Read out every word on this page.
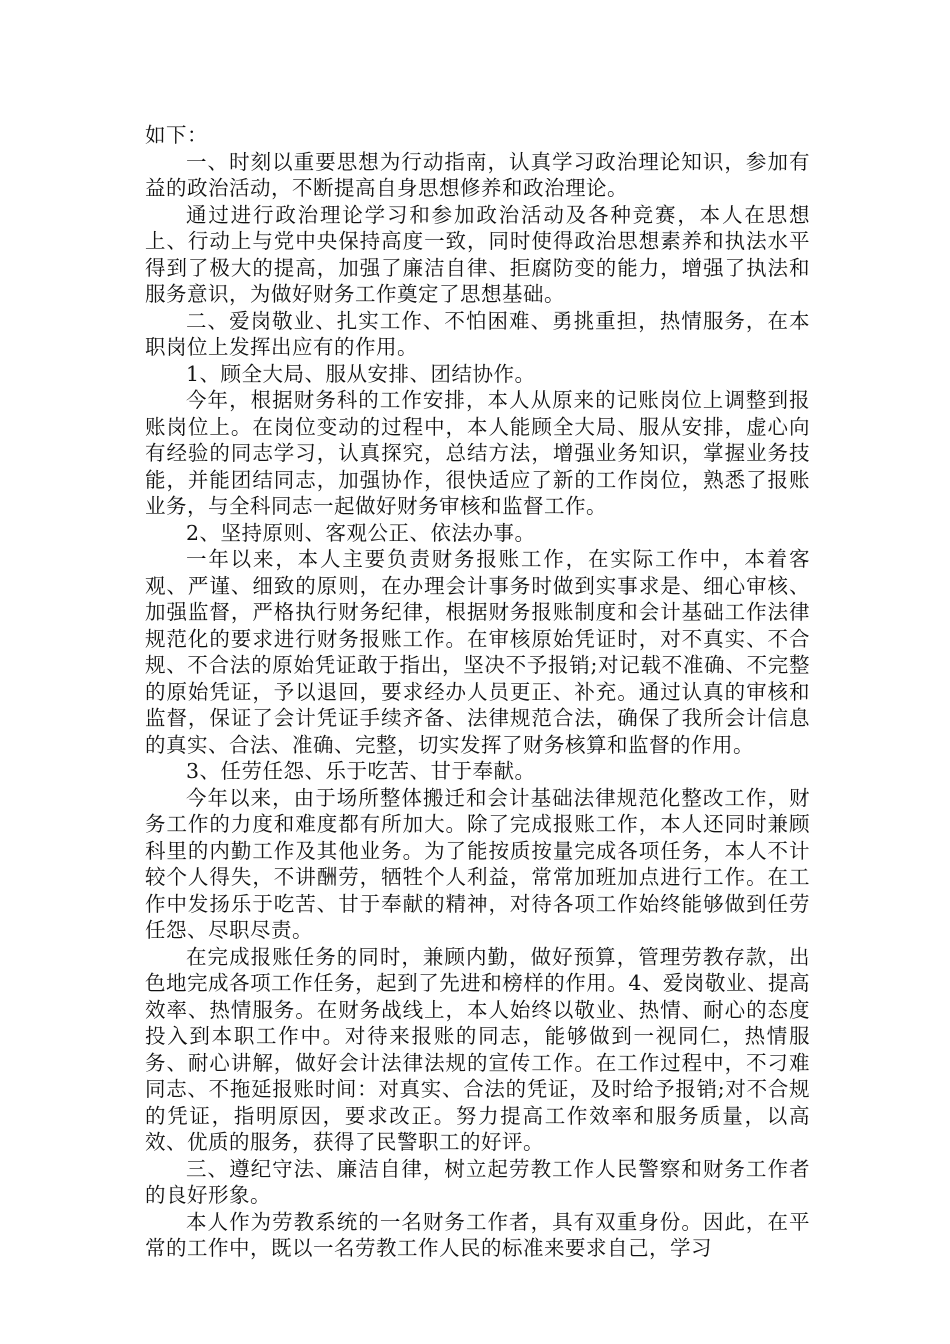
如下：

一、时刻以重要思想为行动指南，认真学习政治理论知识，参加有益的政治活动，不断提高自身思想修养和政治理论。

通过进行政治理论学习和参加政治活动及各种竞赛，本人在思想上、行动上与党中央保持高度一致，同时使得政治思想素养和执法水平得到了极大的提高，加强了廉洁自律、拒腐防变的能力，增强了执法和服务意识，为做好财务工作奠定了思想基础。

二、爱岗敬业、扎实工作、不怕困难、勇挑重担，热情服务，在本职岗位上发挥出应有的作用。

1、顾全大局、服从安排、团结协作。

今年，根据财务科的工作安排，本人从原来的记账岗位上调整到报账岗位上。在岗位变动的过程中，本人能顾全大局、服从安排，虚心向有经验的同志学习，认真探究，总结方法，增强业务知识，掌握业务技能，并能团结同志，加强协作，很快适应了新的工作岗位，熟悉了报账业务，与全科同志一起做好财务审核和监督工作。

2、坚持原则、客观公正、依法办事。

一年以来，本人主要负责财务报账工作，在实际工作中，本着客观、严谨、细致的原则，在办理会计事务时做到实事求是、细心审核、加强监督，严格执行财务纪律，根据财务报账制度和会计基础工作法律规范化的要求进行财务报账工作。在审核原始凭证时，对不真实、不合规、不合法的原始凭证敢于指出，坚决不予报销;对记载不准确、不完整的原始凭证，予以退回，要求经办人员更正、补充。通过认真的审核和监督，保证了会计凭证手续齐备、法律规范合法，确保了我所会计信息的真实、合法、准确、完整，切实发挥了财务核算和监督的作用。

3、任劳任怨、乐于吃苦、甘于奉献。

今年以来，由于场所整体搬迁和会计基础法律规范化整改工作，财务工作的力度和难度都有所加大。除了完成报账工作，本人还同时兼顾科里的内勤工作及其他业务。为了能按质按量完成各项任务，本人不计较个人得失，不讲酬劳，牺牲个人利益，常常加班加点进行工作。在工作中发扬乐于吃苦、甘于奉献的精神，对待各项工作始终能够做到任劳任怨、尽职尽责。

在完成报账任务的同时，兼顾内勤，做好预算，管理劳教存款，出色地完成各项工作任务，起到了先进和榜样的作用。4、爱岗敬业、提高效率、热情服务。在财务战线上，本人始终以敬业、热情、耐心的态度投入到本职工作中。对待来报账的同志，能够做到一视同仁，热情服务、耐心讲解，做好会计法律法规的宣传工作。在工作过程中，不刁难同志、不拖延报账时间：对真实、合法的凭证，及时给予报销;对不合规的凭证，指明原因，要求改正。努力提高工作效率和服务质量，以高效、优质的服务，获得了民警职工的好评。

三、遵纪守法、廉洁自律，树立起劳教工作人民警察和财务工作者的良好形象。

本人作为劳教系统的一名财务工作者，具有双重身份。因此，在平常的工作中，既以一名劳教工作人民的标准来要求自己，学习
